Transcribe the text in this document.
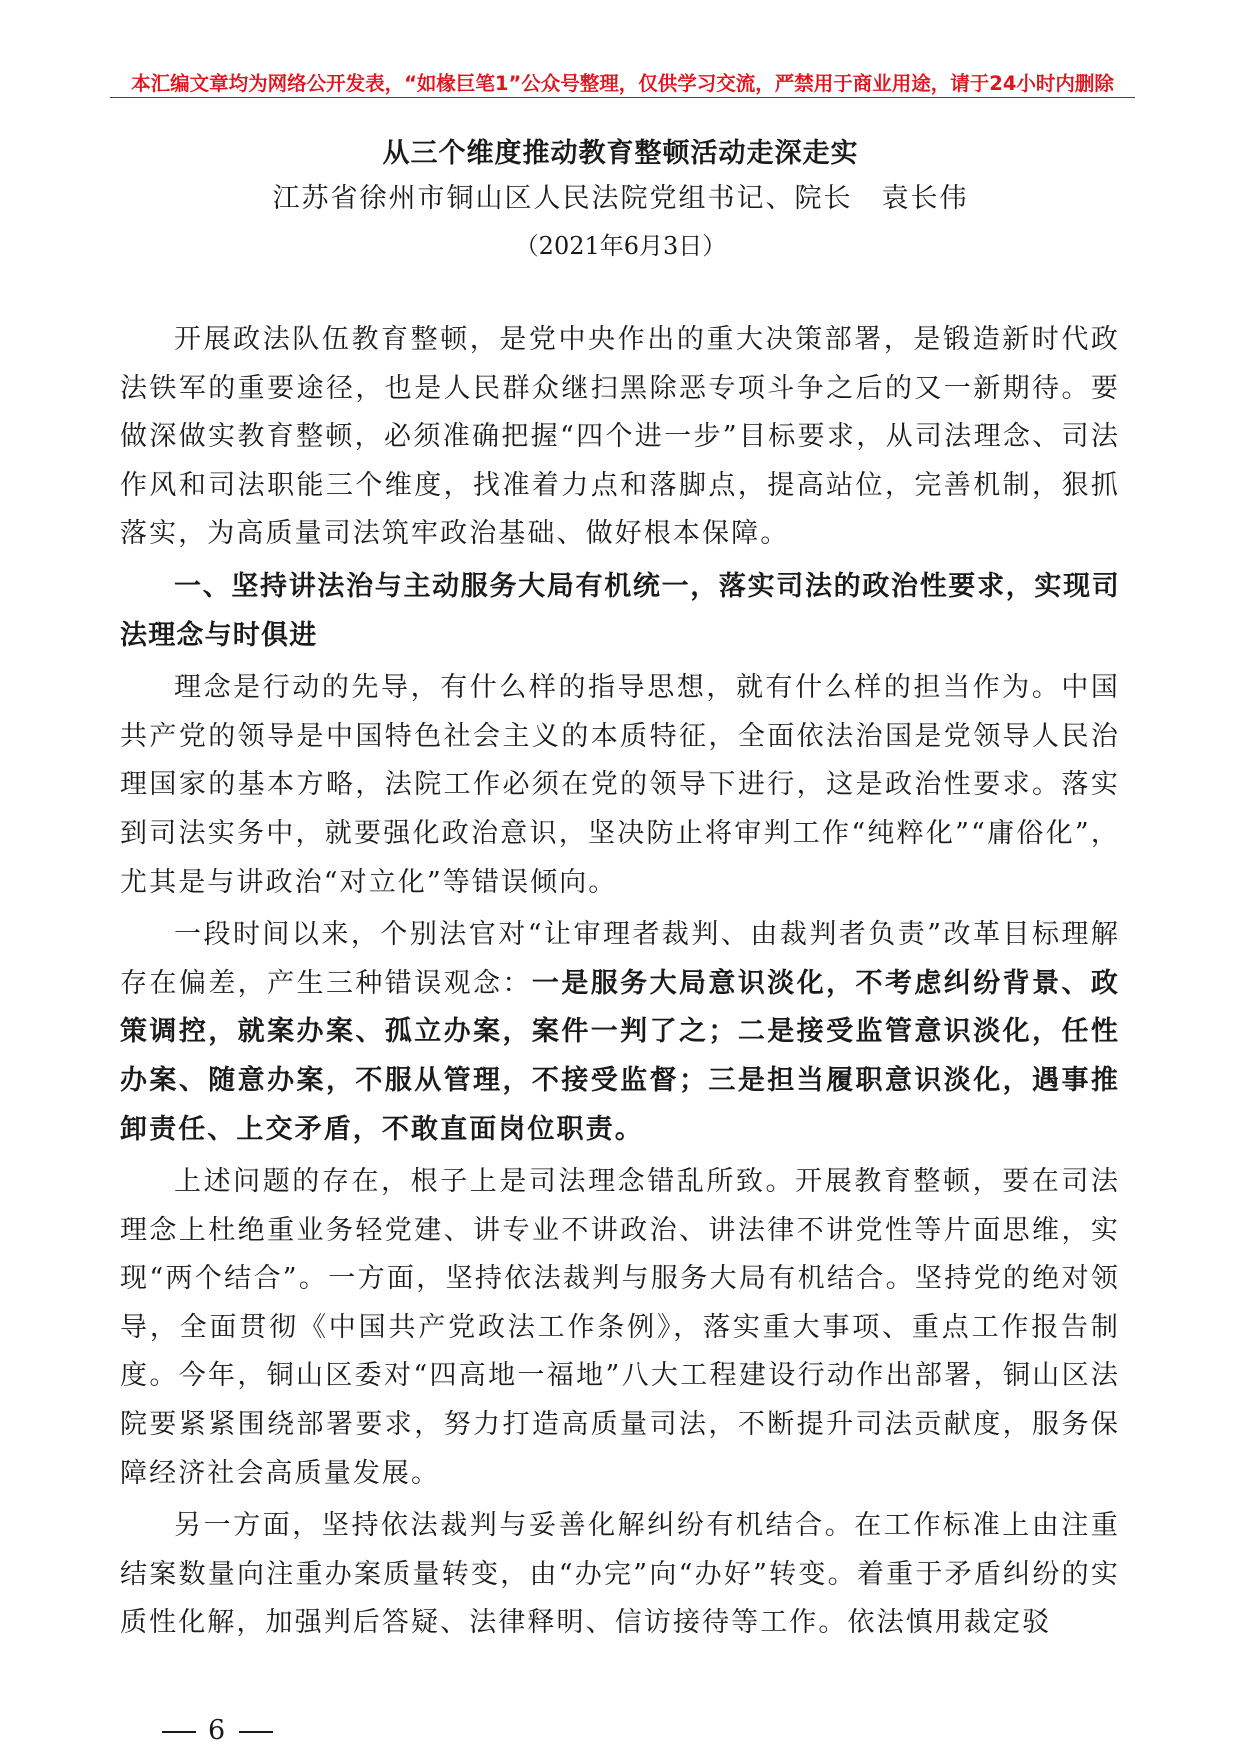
本汇编文章均为网络公开发表，“如椽巨笔1”公众号整理，仅供学习交流，严禁用于商业用途，请于24小时内删除
从三个维度推动教育整顿活动走深走实
江苏省徐州市铜山区人民法院党组书记、院长　袁长伟
（2021年6月3日）

开展政法队伍教育整顿，是党中央作出的重大决策部署，是锻造新时代政法铁军的重要途径，也是人民群众继扫黑除恶专项斗争之后的又一新期待。要做深做实教育整顿，必须准确把握“四个进一步”目标要求，从司法理念、司法作风和司法职能三个维度，找准着力点和落脚点，提高站位，完善机制，狠抓落实，为高质量司法筑牢政治基础、做好根本保障。

一、坚持讲法治与主动服务大局有机统一，落实司法的政治性要求，实现司法理念与时俱进

理念是行动的先导，有什么样的指导思想，就有什么样的担当作为。中国共产党的领导是中国特色社会主义的本质特征，全面依法治国是党领导人民治理国家的基本方略，法院工作必须在党的领导下进行，这是政治性要求。落实到司法实务中，就要强化政治意识，坚决防止将审判工作“纯粹化”“庸俗化”，尤其是与讲政治“对立化”等错误倾向。

一段时间以来，个别法官对“让审理者裁判、由裁判者负责”改革目标理解存在偏差，产生三种错误观念：一是服务大局意识淡化，不考虑纠纷背景、政策调控，就案办案、孤立办案，案件一判了之；二是接受监管意识淡化，任性办案、随意办案，不服从管理，不接受监督；三是担当履职意识淡化，遇事推卸责任、上交矛盾，不敢直面岗位职责。

上述问题的存在，根子上是司法理念错乱所致。开展教育整顿，要在司法理念上杜绝重业务轻党建、讲专业不讲政治、讲法律不讲党性等片面思维，实现“两个结合”。一方面，坚持依法裁判与服务大局有机结合。坚持党的绝对领导，全面贯彻《中国共产党政法工作条例》，落实重大事项、重点工作报告制度。今年，铜山区委对“四高地一福地”八大工程建设行动作出部署，铜山区法院要紧紧围绕部署要求，努力打造高质量司法，不断提升司法贡献度，服务保障经济社会高质量发展。

另一方面，坚持依法裁判与妥善化解纠纷有机结合。在工作标准上由注重结案数量向注重办案质量转变，由“办完”向“办好”转变。着重于矛盾纠纷的实质性化解，加强判后答疑、法律释明、信访接待等工作。依法慎用裁定驳

6
